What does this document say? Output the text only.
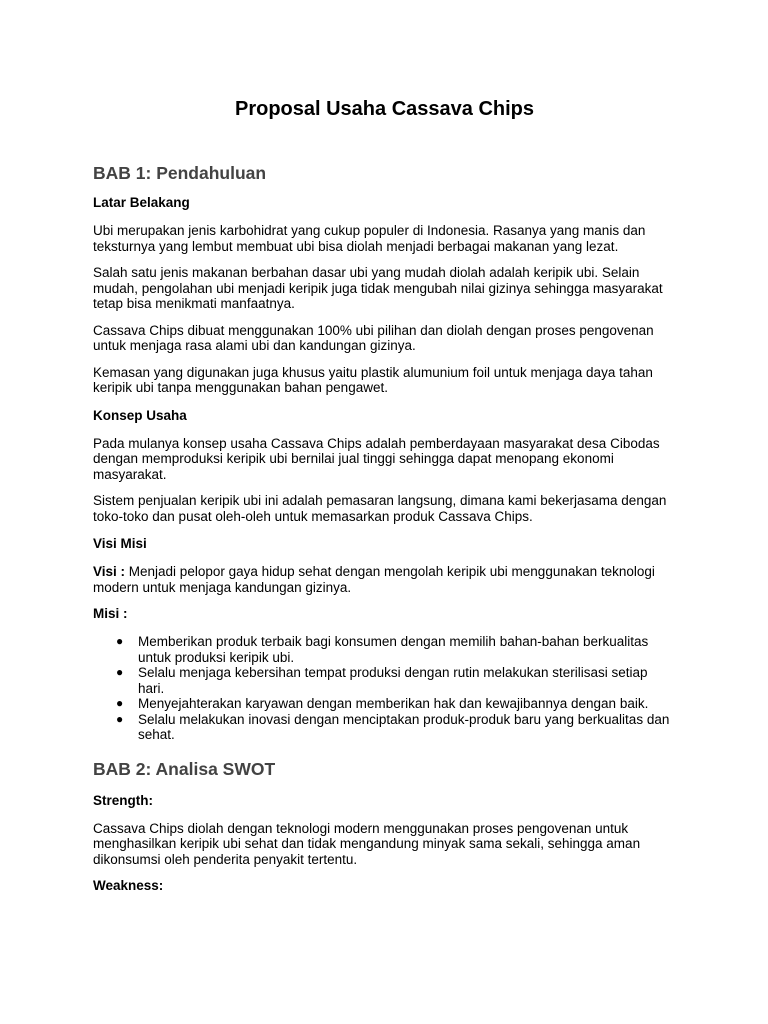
Proposal Usaha Cassava Chips
BAB 1: Pendahuluan
Latar Belakang

Ubi merupakan jenis karbohidrat yang cukup populer di Indonesia. Rasanya yang manis dan teksturnya yang lembut membuat ubi bisa diolah menjadi berbagai makanan yang lezat.

Salah satu jenis makanan berbahan dasar ubi yang mudah diolah adalah keripik ubi. Selain mudah, pengolahan ubi menjadi keripik juga tidak mengubah nilai gizinya sehingga masyarakat tetap bisa menikmati manfaatnya.

Cassava Chips dibuat menggunakan 100% ubi pilihan dan diolah dengan proses pengovenan untuk menjaga rasa alami ubi dan kandungan gizinya.

Kemasan yang digunakan juga khusus yaitu plastik alumunium foil untuk menjaga daya tahan keripik ubi tanpa menggunakan bahan pengawet.

Konsep Usaha

Pada mulanya konsep usaha Cassava Chips adalah pemberdayaan masyarakat desa Cibodas dengan memproduksi keripik ubi bernilai jual tinggi sehingga dapat menopang ekonomi masyarakat.

Sistem penjualan keripik ubi ini adalah pemasaran langsung, dimana kami bekerjasama dengan toko-toko dan pusat oleh-oleh untuk memasarkan produk Cassava Chips.

Visi Misi

Visi : Menjadi pelopor gaya hidup sehat dengan mengolah keripik ubi menggunakan teknologi modern untuk menjaga kandungan gizinya.

Misi :
● Memberikan produk terbaik bagi konsumen dengan memilih bahan-bahan berkualitas untuk produksi keripik ubi.
● Selalu menjaga kebersihan tempat produksi dengan rutin melakukan sterilisasi setiap hari.
● Menyejahterakan karyawan dengan memberikan hak dan kewajibannya dengan baik.
● Selalu melakukan inovasi dengan menciptakan produk-produk baru yang berkualitas dan sehat.
BAB 2: Analisa SWOT
Strength:

Cassava Chips diolah dengan teknologi modern menggunakan proses pengovenan untuk menghasilkan keripik ubi sehat dan tidak mengandung minyak sama sekali, sehingga aman dikonsumsi oleh penderita penyakit tertentu.

Weakness:
